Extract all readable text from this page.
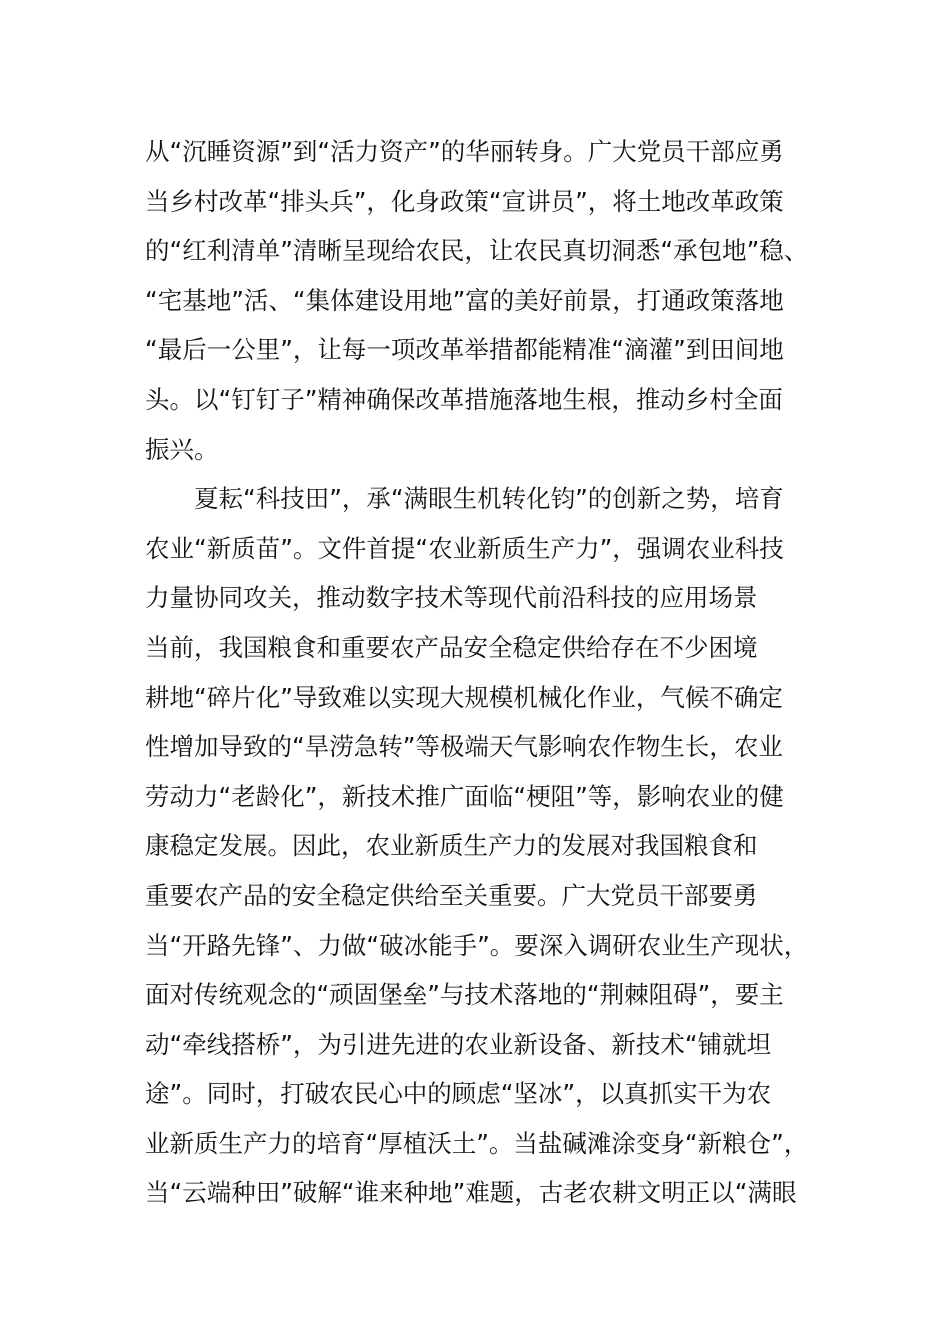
从“沉睡资源”到“活力资产”的华丽转身。广大党员干部应勇
当乡村改革“排头兵”，化身政策“宣讲员”，将土地改革政策
的“红利清单”清晰呈现给农民，让农民真切洞悉“承包地”稳、
“宅基地”活、“集体建设用地”富的美好前景，打通政策落地
“最后一公里”，让每一项改革举措都能精准“滴灌”到田间地
头。以“钉钉子”精神确保改革措施落地生根，推动乡村全面
振兴。
夏耘“科技田”，承“满眼生机转化钧”的创新之势，培育
农业“新质苗”。文件首提“农业新质生产力”，强调农业科技
力量协同攻关，推动数字技术等现代前沿科技的应用场景
当前，我国粮食和重要农产品安全稳定供给存在不少困境
耕地“碎片化”导致难以实现大规模机械化作业，气候不确定
性增加导致的“旱涝急转”等极端天气影响农作物生长，农业
劳动力“老龄化”，新技术推广面临“梗阻”等，影响农业的健
康稳定发展。因此，农业新质生产力的发展对我国粮食和
重要农产品的安全稳定供给至关重要。广大党员干部要勇
当“开路先锋”、力做“破冰能手”。要深入调研农业生产现状，
面对传统观念的“顽固堡垒”与技术落地的“荆棘阻碍”，要主
动“牵线搭桥”，为引进先进的农业新设备、新技术“铺就坦
途”。同时，打破农民心中的顾虑“坚冰”，以真抓实干为农
业新质生产力的培育“厚植沃土”。当盐碱滩涂变身“新粮仓”，
当“云端种田”破解“谁来种地”难题，古老农耕文明正以“满眼
